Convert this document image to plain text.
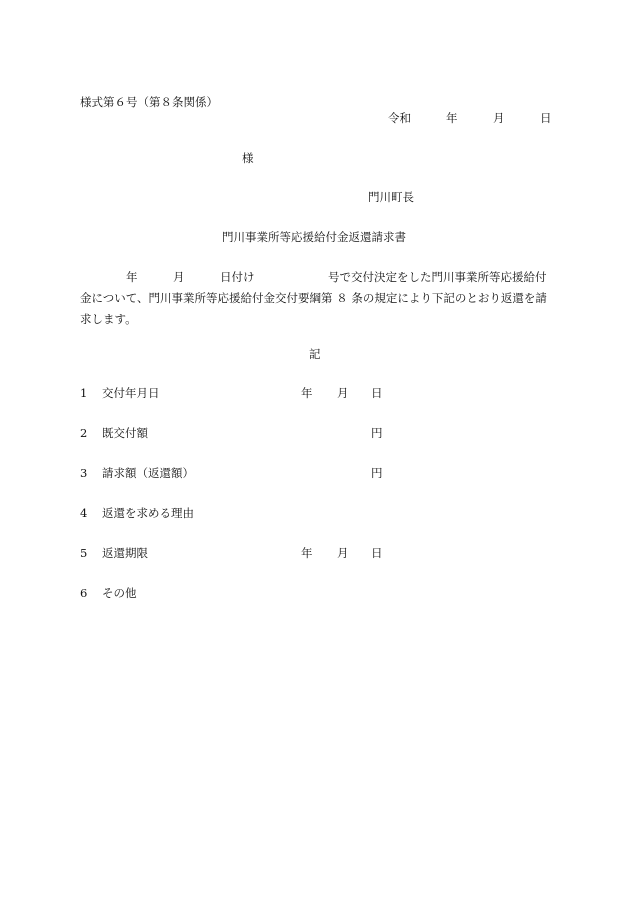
様式第６号（第８条関係）
令和	年	月	日
様
門川町長
門川事業所等応援給付金返還請求書
年	月	日付け	号で交付決定をした門川事業所等応援給付
金について、門川事業所等応援給付金交付要綱第 ８ 条の規定により下記のとおり返還を請
求します。
記
1 交付年月日	年 月 日
2 既交付額	円
3 請求額（返還額）	円
4 返還を求める理由
5 返還期限	年 月 日
6 その他
